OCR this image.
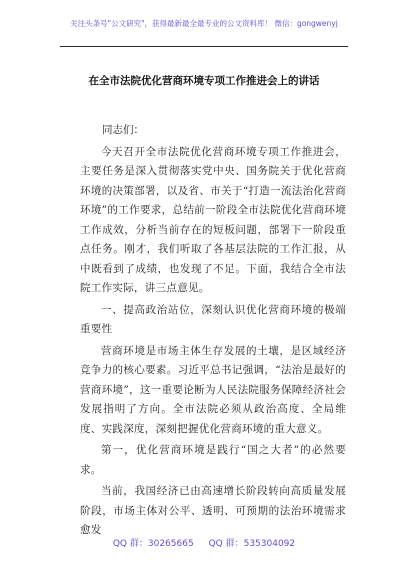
关注头条号"公文研究"，获得最新最全最专业的公文资料库！ 微信：gongwenyj
在全市法院优化营商环境专项工作推进会上的讲话

同志们：

今天召开全市法院优化营商环境专项工作推进会，主要任务是深入贯彻落实党中央、国务院关于优化营商环境的决策部署，以及省、市关于“打造一流法治化营商环境”的工作要求，总结前一阶段全市法院优化营商环境工作成效，分析当前存在的短板问题，部署下一阶段重点任务。刚才，我们听取了各基层法院的工作汇报，从中既看到了成绩，也发现了不足。下面，我结合全市法院工作实际，讲三点意见。

一、提高政治站位，深刻认识优化营商环境的极端重要性

营商环境是市场主体生存发展的土壤，是区域经济竞争力的核心要素。习近平总书记强调，“法治是最好的营商环境”，这一重要论断为人民法院服务保障经济社会发展指明了方向。全市法院必须从政治高度、全局维度、实践深度，深刻把握优化营商环境的重大意义。

第一，优化营商环境是践行“国之大者”的必然要求。

当前，我国经济已由高速增长阶段转向高质量发展阶段，市场主体对公平、透明、可预期的法治环境需求愈发

QQ 群：30265665 QQ 群：535304092
